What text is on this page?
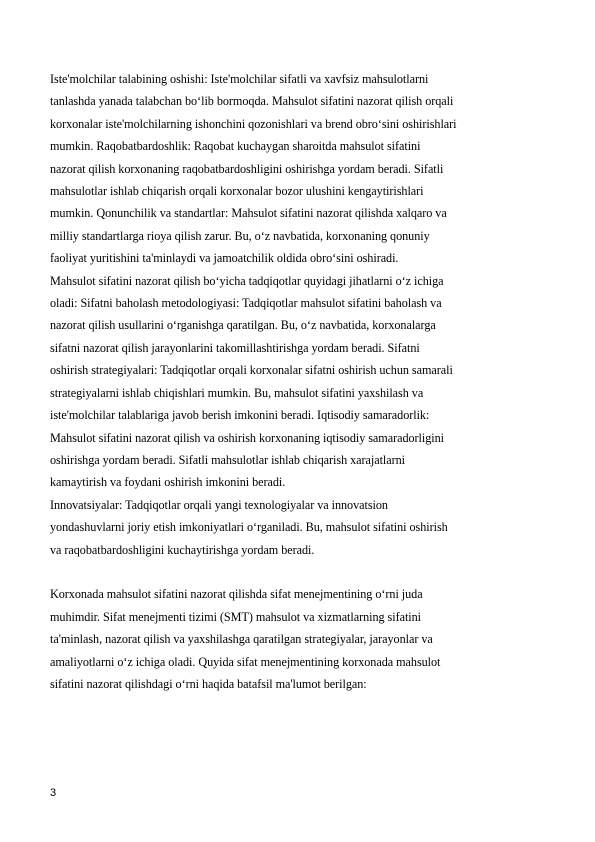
Iste'molchilar talabining oshishi: Iste'molchilar sifatli va xavfsiz mahsulotlarni
tanlashda yanada talabchan bo‘lib bormoqda. Mahsulot sifatini nazorat qilish orqali
korxonalar iste'molchilarning ishonchini qozonishlari va brend obro‘sini oshirishlari
mumkin. Raqobatbardoshlik: Raqobat kuchaygan sharoitda mahsulot sifatini
nazorat qilish korxonaning raqobatbardoshligini oshirishga yordam beradi. Sifatli
mahsulotlar ishlab chiqarish orqali korxonalar bozor ulushini kengaytirishlari
mumkin. Qonunchilik va standartlar: Mahsulot sifatini nazorat qilishda xalqaro va
milliy standartlarga rioya qilish zarur. Bu, o‘z navbatida, korxonaning qonuniy
faoliyat yuritishini ta'minlaydi va jamoatchilik oldida obro‘sini oshiradi.
Mahsulot sifatini nazorat qilish bo‘yicha tadqiqotlar quyidagi jihatlarni o‘z ichiga
oladi: Sifatni baholash metodologiyasi: Tadqiqotlar mahsulot sifatini baholash va
nazorat qilish usullarini o‘rganishga qaratilgan. Bu, o‘z navbatida, korxonalarga
sifatni nazorat qilish jarayonlarini takomillashtirishga yordam beradi. Sifatni
oshirish strategiyalari: Tadqiqotlar orqali korxonalar sifatni oshirish uchun samarali
strategiyalarni ishlab chiqishlari mumkin. Bu, mahsulot sifatini yaxshilash va
iste'molchilar talablariga javob berish imkonini beradi. Iqtisodiy samaradorlik:
Mahsulot sifatini nazorat qilish va oshirish korxonaning iqtisodiy samaradorligini
oshirishga yordam beradi. Sifatli mahsulotlar ishlab chiqarish xarajatlarni
kamaytirish va foydani oshirish imkonini beradi.
Innovatsiyalar: Tadqiqotlar orqali yangi texnologiyalar va innovatsion
yondashuvlarni joriy etish imkoniyatlari o‘rganiladi. Bu, mahsulot sifatini oshirish
va raqobatbardoshligini kuchaytirishga yordam beradi.
Korxonada mahsulot sifatini nazorat qilishda sifat menejmentining o‘rni juda
muhimdir. Sifat menejmenti tizimi (SMT) mahsulot va xizmatlarning sifatini
ta'minlash, nazorat qilish va yaxshilashga qaratilgan strategiyalar, jarayonlar va
amaliyotlarni o‘z ichiga oladi. Quyida sifat menejmentining korxonada mahsulot
sifatini nazorat qilishdagi o‘rni haqida batafsil ma'lumot berilgan:
3
